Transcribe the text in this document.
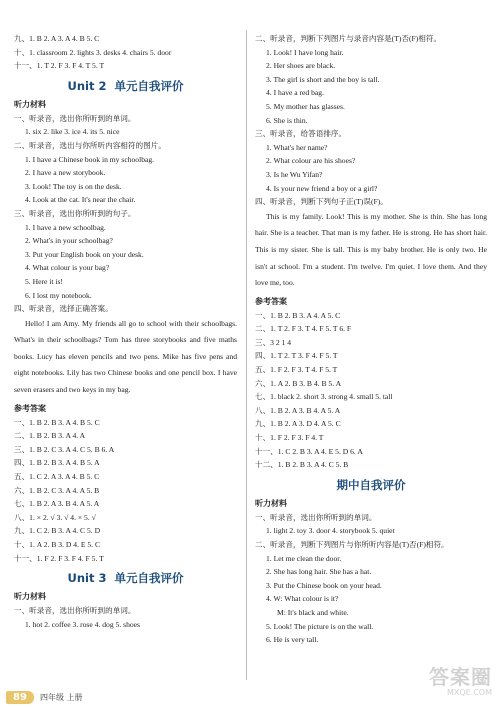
九、1. B 2. A 3. A 4. B 5. C
十、1. classroom 2. lights 3. desks 4. chairs 5. door
十一、1. T 2. F 3. F 4. T 5. T
Unit 2 单元自我评价
听力材料
一、听录音，选出你所听到的单词。
1. six 2. like 3. ice 4. its 5. nice
二、听录音，选出与你所听内容相符的图片。
1. I have a Chinese book in my schoolbag.
2. I have a new storybook.
3. Look! The toy is on the desk.
4. Look at the cat. It's near the chair.
三、听录音，选出你所听到的句子。
1. I have a new schoolbag.
2. What's in your schoolbag?
3. Put your English book on your desk.
4. What colour is your bag?
5. Here it is!
6. I lost my notebook.
四、听录音，选择正确答案。
Hello! I am Amy. My friends all go to school with their schoolbags. What's in their schoolbags? Tom has three storybooks and five maths books. Lucy has eleven pencils and two pens. Mike has five pens and eight notebooks. Lily has two Chinese books and one pencil box. I have seven erasers and two keys in my bag.
参考答案
一、1. B 2. B 3. A 4. B 5. C
二、1. B 2. B 3. A 4. A
三、1. B 2. C 3. A 4. C 5. B 6. A
四、1. B 2. B 3. A 4. B 5. A
五、1. C 2. A 3. A 4. B 5. C
六、1. B 2. C 3. A 4. A 5. B
七、1. B 2. A 3. B 4. A 5. A
八、1. × 2. √ 3. √ 4. × 5. √
九、1. C 2. B 3. A 4. C 5. D
十、1. A 2. B 3. D 4. E 5. C
十一、1. F 2. F 3. F 4. F 5. T
Unit 3 单元自我评价
听力材料
一、听录音，选出你所听到的单词。
1. hot 2. coffee 3. rose 4. dog 5. shoes
二、听录音，判断下列图片与录音内容是(T)否(F)相符。
1. Look! I have long hair.
2. Her shoes are black.
3. The girl is short and the boy is tall.
4. I have a red bag.
5. My mother has glasses.
6. She is thin.
三、听录音，给答语排序。
1. What's her name?
2. What colour are his shoes?
3. Is he Wu Yifan?
4. Is your new friend a boy or a girl?
四、听录音，判断下列句子正(T)误(F)。
This is my family. Look! This is my mother. She is thin. She has long hair. She is a teacher. That man is my father. He is strong. He has short hair. This is my sister. She is tall. This is my baby brother. He is only two. He isn't at school. I'm a student. I'm twelve. I'm quiet. I love them. And they love me, too.
参考答案
一、1. B 2. B 3. A 4. A 5. C
二、1. T 2. F 3. T 4. F 5. T 6. F
三、3 2 1 4
四、1. T 2. T 3. F 4. F 5. T
五、1. F 2. F 3. T 4. F 5. T
六、1. A 2. B 3. B 4. B 5. A
七、1. black 2. short 3. strong 4. small 5. tall
八、1. B 2. A 3. B 4. A 5. A
九、1. B 2. A 3. D 4. A 5. C
十、1. F 2. F 3. F 4. T
十一、1. C 2. B 3. A 4. E 5. D 6. A
十二、1. B 2. B 3. A 4. C 5. B
期中自我评价
听力材料
一、听录音，选出你所听到的单词。
1. light 2. toy 3. door 4. storybook 5. quiet
二、听录音，判断下列图片与你所听内容是(T)否(F)相符。
1. Let me clean the door.
2. She has long hair. She has a hat.
3. Put the Chinese book on your head.
4. W: What colour is it?
M: It's black and white.
5. Look! The picture is on the wall.
6. He is very tall.
89	四年级 上册
答案圈
MXQE.COM
